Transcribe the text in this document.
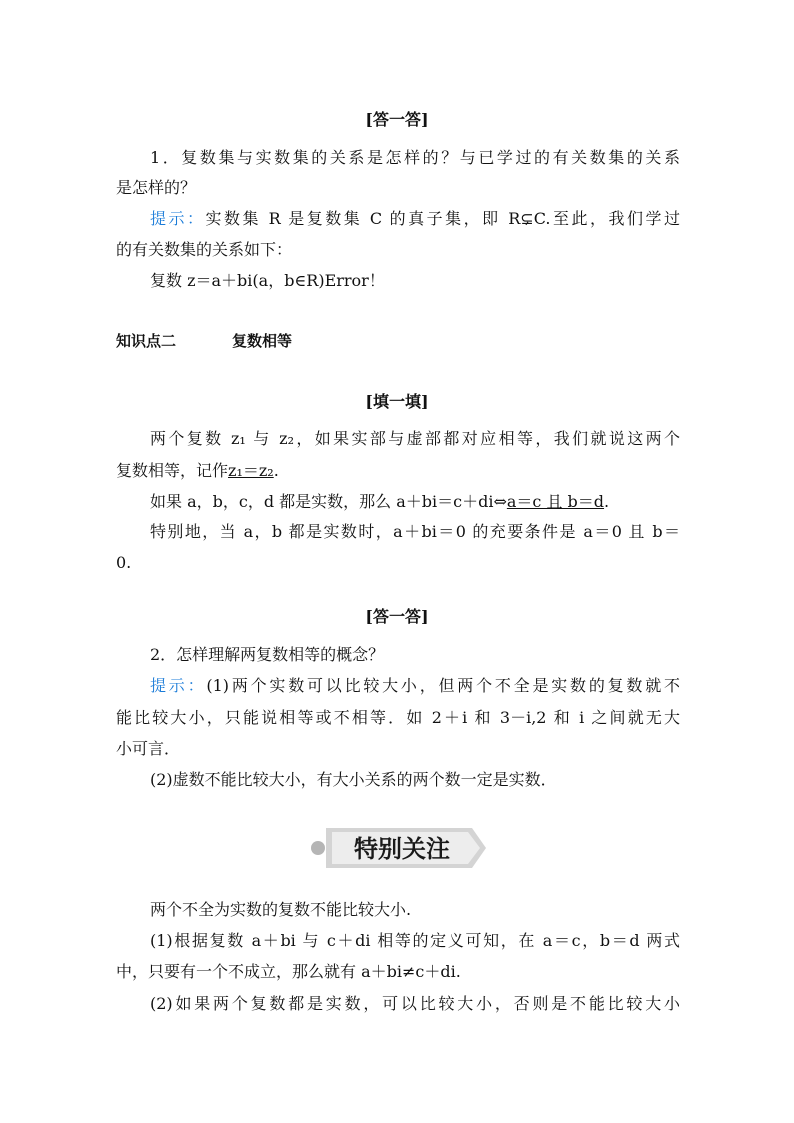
[答一答]
1．复数集与实数集的关系是怎样的？与已学过的有关数集的关系
是怎样的？
提示：实数集 R 是复数集 C 的真子集，即 R⊊C.至此，我们学过
的有关数集的关系如下：
复数 z＝a＋bi(a，b∈R)Error！
知识点二	复数相等
[填一填]
两个复数 z₁ 与 z₂，如果实部与虚部都对应相等，我们就说这两个
复数相等，记作z₁＝z₂.
如果 a，b，c，d 都是实数，那么 a＋bi＝c＋di⇔a＝c 且 b＝d.
特别地，当 a，b 都是实数时，a＋bi＝0 的充要条件是 a＝0 且 b＝
0.
[答一答]
2．怎样理解两复数相等的概念？
提示：(1)两个实数可以比较大小，但两个不全是实数的复数就不
能比较大小，只能说相等或不相等．如 2＋i 和 3－i,2 和 i 之间就无大
小可言．
(2)虚数不能比较大小，有大小关系的两个数一定是实数．
特别关注
两个不全为实数的复数不能比较大小.
(1)根据复数 a＋bi 与 c＋di 相等的定义可知，在 a＝c，b＝d 两式
中，只要有一个不成立，那么就有 a＋bi≠c＋di.
(2)如果两个复数都是实数，可以比较大小，否则是不能比较大小
